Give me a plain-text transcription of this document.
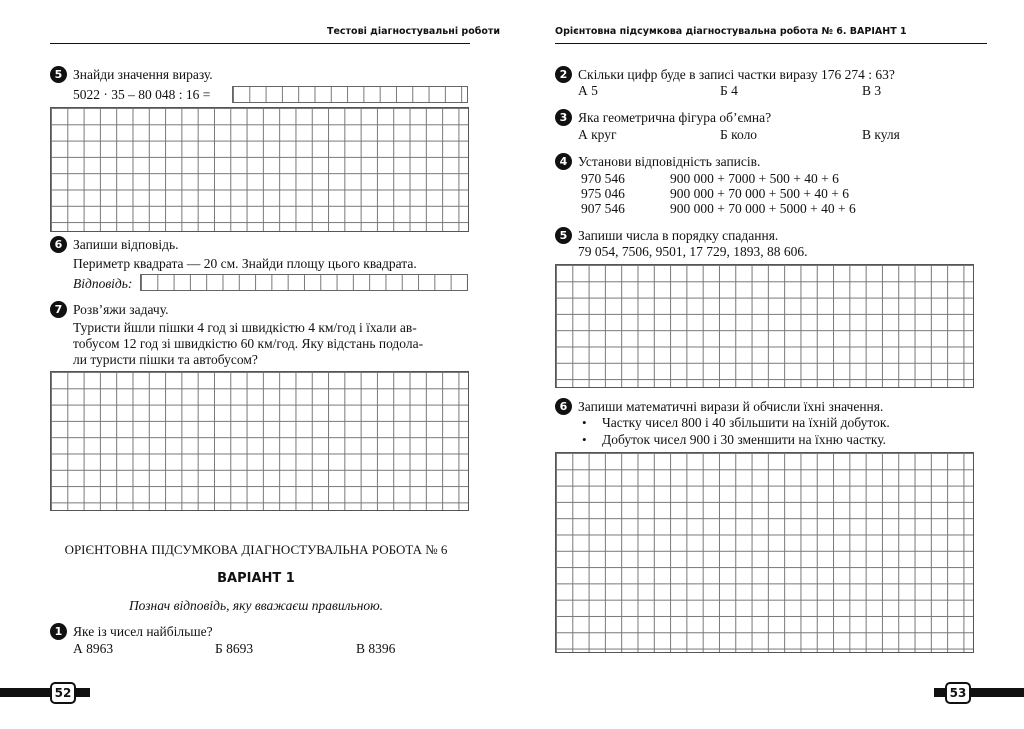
Тестові діагностувальні роботи
5 Знайди значення виразу.
5022 · 35 – 80 048 : 16 =
6 Запиши відповідь.
Периметр квадрата — 20 см. Знайди площу цього квадрата.
Відповідь:
7 Розв’яжи задачу.
Туристи йшли пішки 4 год зі швидкістю 4 км/год і їхали ав-
тобусом 12 год зі швидкістю 60 км/год. Яку відстань подола-
ли туристи пішки та автобусом?
ОРІЄНТОВНА ПІДСУМКОВА ДІАГНОСТУВАЛЬНА РОБОТА № 6
ВАРІАНТ 1
Познач відповідь, яку вважаєш правильною.
1 Яке із чисел найбільше?
А 8963	Б 8693	В 8396
52
Орієнтовна підсумкова діагностувальна робота № 6. ВАРІАНТ 1
2 Скільки цифр буде в записі частки виразу 176 274 : 63?
А 5	Б 4	В 3
3 Яка геометрична фігура об’ємна?
А круг	Б коло	В куля
4 Установи відповідність записів.
970 546	900 000 + 7000 + 500 + 40 + 6
975 046	900 000 + 70 000 + 500 + 40 + 6
907 546	900 000 + 70 000 + 5000 + 40 + 6
5 Запиши числа в порядку спадання.
79 054, 7506, 9501, 17 729, 1893, 88 606.
6 Запиши математичні вирази й обчисли їхні значення.
• Частку чисел 800 і 40 збільшити на їхній добуток.
• Добуток чисел 900 і 30 зменшити на їхню частку.
53
